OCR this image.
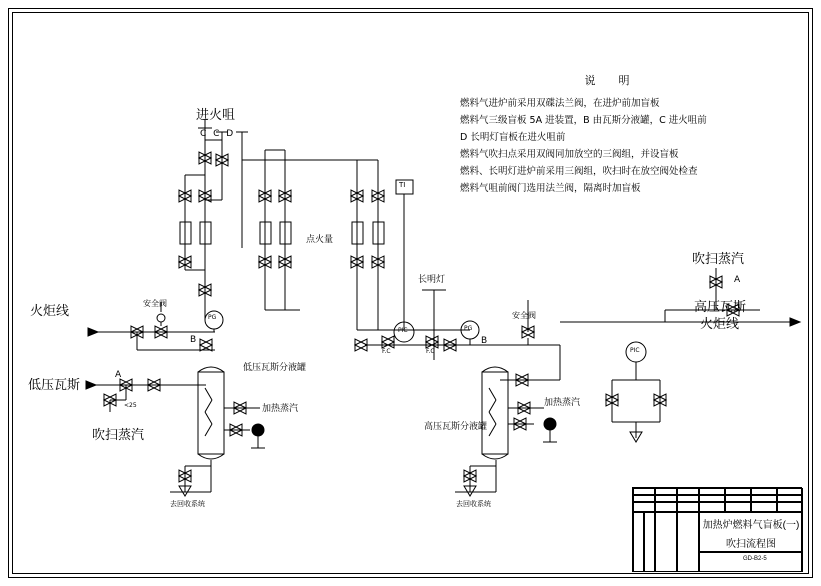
说　明
燃料气进炉前采用双碟法兰阀，在进炉前加盲板
燃料气三级盲板 5A 进装置，B 由瓦斯分液罐，C 进火咀前
D 长明灯盲板在进火咀前
燃料气吹扫点采用双阀同加放空的三阀组，并设盲板
燃料、长明灯进炉前采用三阀组，吹扫时在放空阀处检查
燃料气咀前阀门选用法兰阀，隔离时加盲板
进火咀
C C D
点火量
长明灯
TI
火炬线
安全阀
PG
B
低压瓦斯
A
<25
吹扫蒸汽
低压瓦斯分液罐
加热蒸汽
去回收系统
F.C	F.C
PIC	PG
B
安全阀
高压瓦斯分液罐
加热蒸汽
去回收系统
吹扫蒸汽
A
高压瓦斯
火炬线
PIC
加热炉燃料气盲板(一)
吹扫流程图
GD-B2-5
